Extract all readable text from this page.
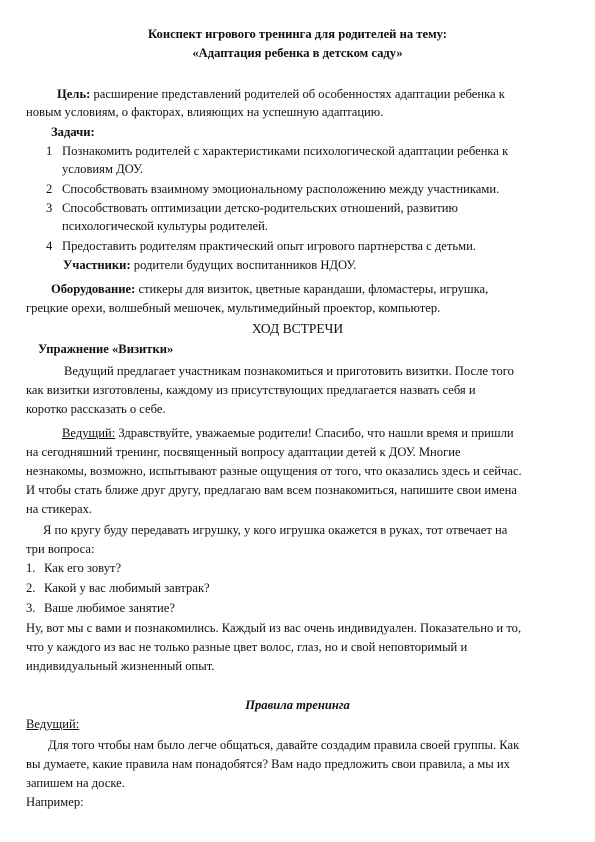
Конспект игрового тренинга для родителей на тему:
«Адаптация ребенка в детском саду»
Цель: расширение представлений родителей об особенностях адаптации ребенка к
новым условиям, о факторах, влияющих на успешную адаптацию.
Задачи:
1 Познакомить родителей с характеристиками психологической адаптации ребенка к
условиям ДОУ.
2 Способствовать взаимному эмоциональному расположению между участниками.
3 Способствовать оптимизации детско-родительских отношений, развитию
психологической культуры родителей.
4 Предоставить родителям практический опыт игрового партнерства с детьми.
Участники: родители будущих воспитанников НДОУ.
Оборудование: стикеры для визиток, цветные карандаши, фломастеры, игрушка,
грецкие орехи, волшебный мешочек, мультимедийный проектор, компьютер.
ХОД ВСТРЕЧИ
Упражнение «Визитки»
Ведущий предлагает участникам познакомиться и приготовить визитки. После того
как визитки изготовлены, каждому из присутствующих предлагается назвать себя и
коротко рассказать о себе.
Ведущий: Здравствуйте, уважаемые родители! Спасибо, что нашли время и пришли
на сегодняшний тренинг, посвященный вопросу адаптации детей к ДОУ. Многие
незнакомы, возможно, испытывают разные ощущения от того, что оказались здесь и сейчас.
И чтобы стать ближе друг другу, предлагаю вам всем познакомиться, напишите свои имена
на стикерах.
Я по кругу буду передавать игрушку, у кого игрушка окажется в руках, тот отвечает на
три вопроса:
1. Как его зовут?
2. Какой у вас любимый завтрак?
3. Ваше любимое занятие?
Ну, вот мы с вами и познакомились. Каждый из вас очень индивидуален. Показательно и то,
что у каждого из вас не только разные цвет волос, глаз, но и свой неповторимый и
индивидуальный жизненный опыт.
Правила тренинга
Ведущий:
Для того чтобы нам было легче общаться, давайте создадим правила своей группы. Как
вы думаете, какие правила нам понадобятся? Вам надо предложить свои правила, а мы их
запишем на доске.
Например:
